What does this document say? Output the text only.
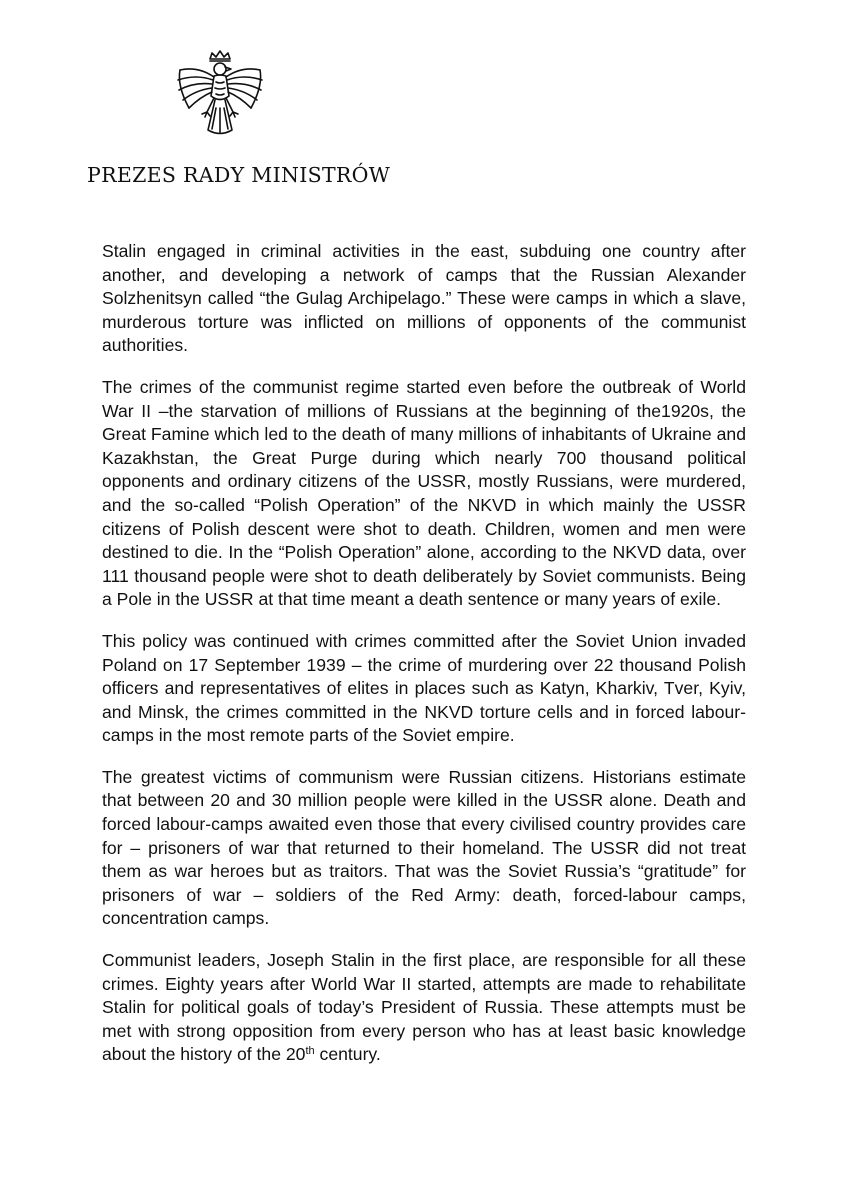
PREZES RADY MINISTRÓW

Stalin engaged in criminal activities in the east, subduing one country after another, and developing a network of camps that the Russian Alexander Solzhenitsyn called “the Gulag Archipelago.” These were camps in which a slave, murderous torture was inflicted on millions of opponents of the communist authorities.

The crimes of the communist regime started even before the outbreak of World War II –the starvation of millions of Russians at the beginning of the1920s, the Great Famine which led to the death of many millions of inhabitants of Ukraine and Kazakhstan, the Great Purge during which nearly 700 thousand political opponents and ordinary citizens of the USSR, mostly Russians, were murdered, and the so-called “Polish Operation” of the NKVD in which mainly the USSR citizens of Polish descent were shot to death. Children, women and men were destined to die. In the “Polish Operation” alone, according to the NKVD data, over 111 thousand people were shot to death deliberately by Soviet communists. Being a Pole in the USSR at that time meant a death sentence or many years of exile.

This policy was continued with crimes committed after the Soviet Union invaded Poland on 17 September 1939 – the crime of murdering over 22 thousand Polish officers and representatives of elites in places such as Katyn, Kharkiv, Tver, Kyiv, and Minsk, the crimes committed in the NKVD torture cells and in forced labour-camps in the most remote parts of the Soviet empire.

The greatest victims of communism were Russian citizens. Historians estimate that between 20 and 30 million people were killed in the USSR alone. Death and forced labour-camps awaited even those that every civilised country provides care for – prisoners of war that returned to their homeland. The USSR did not treat them as war heroes but as traitors. That was the Soviet Russia’s “gratitude” for prisoners of war – soldiers of the Red Army: death, forced-labour camps, concentration camps.

Communist leaders, Joseph Stalin in the first place, are responsible for all these crimes. Eighty years after World War II started, attempts are made to rehabilitate Stalin for political goals of today’s President of Russia. These attempts must be met with strong opposition from every person who has at least basic knowledge about the history of the 20th century.
